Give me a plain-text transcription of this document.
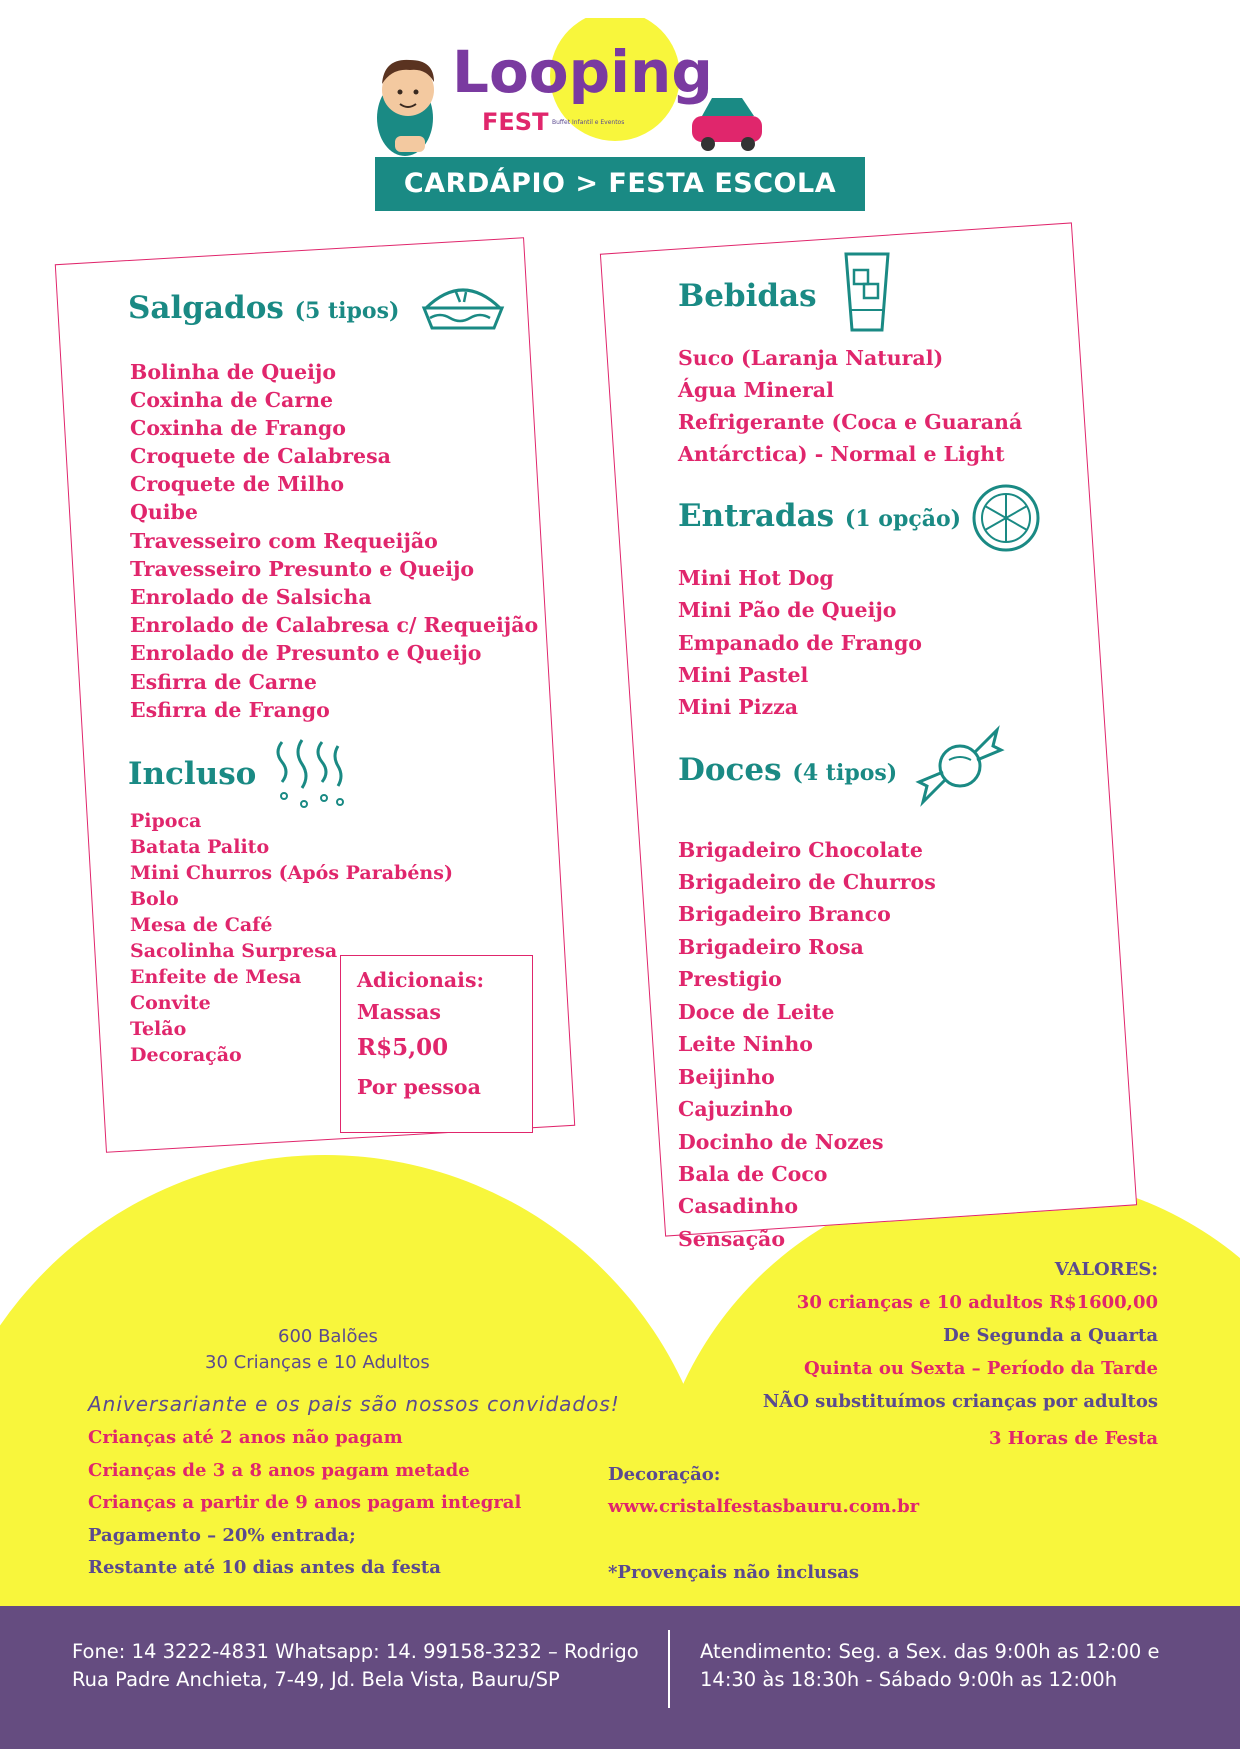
Looping
FEST Buffet Infantil e Eventos
CARDÁPIO > FESTA ESCOLA
Salgados (5 tipos)
Bolinha de Queijo
Coxinha de Carne
Coxinha de Frango
Croquete de Calabresa
Croquete de Milho
Quibe
Travesseiro com Requeijão
Travesseiro Presunto e Queijo
Enrolado de Salsicha
Enrolado de Calabresa c/ Requeijão
Enrolado de Presunto e Queijo
Esfirra de Carne
Esfirra de Frango
Incluso
Pipoca
Batata Palito
Mini Churros (Após Parabéns)
Bolo
Mesa de Café
Sacolinha Surpresa
Enfeite de Mesa
Convite
Telão
Decoração
Adicionais:
Massas
R$5,00
Por pessoa
Bebidas
Suco (Laranja Natural)
Água Mineral
Refrigerante (Coca e Guaraná
Antárctica) - Normal e Light
Entradas (1 opção)
Mini Hot Dog
Mini Pão de Queijo
Empanado de Frango
Mini Pastel
Mini Pizza
Doces (4 tipos)
Brigadeiro Chocolate
Brigadeiro de Churros
Brigadeiro Branco
Brigadeiro Rosa
Prestigio
Doce de Leite
Leite Ninho
Beijinho
Cajuzinho
Docinho de Nozes
Bala de Coco
Casadinho
Sensação
600 Balões
30 Crianças e 10 Adultos
Aniversariante e os pais são nossos convidados!
Crianças até 2 anos não pagam
Crianças de 3 a 8 anos pagam metade
Crianças a partir de 9 anos pagam integral
Pagamento – 20% entrada;
Restante até 10 dias antes da festa
VALORES:
30 crianças e 10 adultos R$1600,00
De Segunda a Quarta
Quinta ou Sexta – Período da Tarde
NÃO substituímos crianças por adultos
3 Horas de Festa
Decoração:
www.cristalfestasbauru.com.br
*Provençais não inclusas
Fone: 14 3222-4831 Whatsapp: 14. 99158-3232 – Rodrigo
Rua Padre Anchieta, 7-49, Jd. Bela Vista, Bauru/SP
Atendimento: Seg. a Sex. das 9:00h as 12:00 e
14:30 às 18:30h - Sábado 9:00h as 12:00h
